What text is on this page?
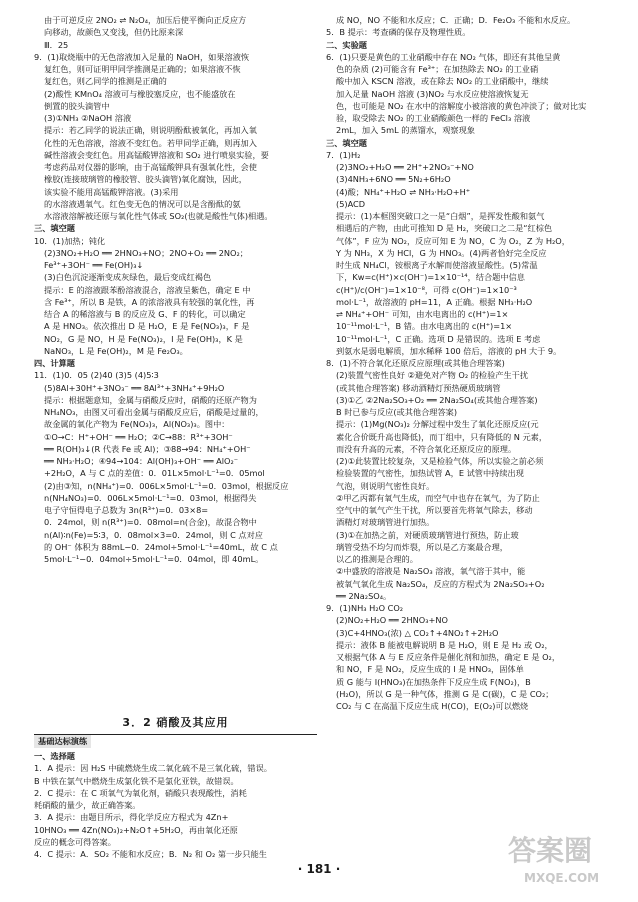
由于可逆反应 2NO₂ ⇌ N₂O₄，加压后使平衡向正反应方

向移动，故颜色又变浅，但仍比原来深

Ⅲ．25

9．(1)取烧瓶中的无色溶液加入足量的 NaOH，如果溶液恢

复红色，则可证明甲同学推测是正确的；如果溶液不恢

复红色，则乙同学的推测是正确的

(2)酸性 KMnO₄ 溶液可与橡胶塞反应，也不能盛放在

倒置的胶头滴管中

(3)①NH₃ ②NaOH 溶液

提示：若乙同学的说法正确，则说明酚酞被氧化，再加入氧

化性的无色溶液，溶液不变红色。若甲同学正确，则再加入

碱性溶液会变红色。用高锰酸钾溶液和 SO₂ 进行喷泉实验，要

考虑药品对仪器的影响，由于高锰酸钾具有强氧化性，会使

橡胶(连接玻璃管的橡胶管、胶头滴管)氧化腐蚀，因此，

该实验不能用高锰酸钾溶液。(3)采用

的水溶液遇氧气。红色变无色的情况可以是含酚酞的氨

水溶液溶解被还原与氧化性气体或 SO₂(也就是酸性气体)相遇。

三、填空题

10．(1)加热；钝化

(2)3NO₂+H₂O ══ 2HNO₃+NO；2NO+O₂ ══ 2NO₂；

Fe³⁺+3OH⁻ ══ Fe(OH)₃↓

(3)白色沉淀逐渐变成灰绿色，最后变成红褐色

提示：E 的溶液跟苯酚溶液混合，溶液呈紫色，确定 E 中

含 Fe³⁺，所以 B 是铁，A 的浓溶液具有较强的氧化性，再

结合 A 的稀溶液与 B 的反应及 G、F 的转化，可以确定

A 是 HNO₃。依次推出 D 是 H₂O，E 是 Fe(NO₃)₃，F 是

NO₂，G 是 NO，H 是 Fe(NO₃)₂，I 是 Fe(OH)₃，K 是

NaNO₃，L 是 Fe(OH)₂，M 是 Fe₂O₃。

四、计算题

11．(1)0．05 (2)40 (3)5 (4)5∶3

(5)8Al+30H⁺+3NO₃⁻ ══ 8Al³⁺+3NH₄⁺+9H₂O

提示：根据题意知，金属与硝酸反应时，硝酸的还原产物为

NH₄NO₃，由图又可看出金属与硝酸反应后，硝酸是过量的，

故金属的氧化产物为 Fe(NO₃)₃，Al(NO₃)₃。图中：

①O→C：H⁺+OH⁻ ══ H₂O；②C→88：R³⁺+3OH⁻

══ R(OH)₃↓(R 代表 Fe 或 Al)；③88→94：NH₄⁺+OH⁻

══ NH₃·H₂O；④94→104：Al(OH)₃+OH⁻ ══ AlO₂⁻

+2H₂O，A 与 C 点的差值：0．01L×5mol·L⁻¹=0．05mol

(2)由③知，n(NH₄⁺)=0．006L×5mol·L⁻¹=0．03mol，根据反应

n(NH₄NO₃)=0．006L×5mol·L⁻¹=0．03mol，根据得失

电子守恒得电子总数为 3n(R³⁺)=0．03×8=

0．24mol，则 n(R³⁺)=0．08mol=n(合金)，故混合物中

n(Al)∶n(Fe)=5∶3，0．08mol×3=0．24mol，则 C 点对应

的 OH⁻ 体积为 88mL−0．24mol÷5mol·L⁻¹=40mL，故 C 点

5mol·L⁻¹−0．04mol÷5mol·L⁻¹=0．04mol，即 40mL。

3．2 硝酸及其应用
基础达标演练

一、选择题

1．A 提示：因 H₂S 中硫燃烧生成二氧化硫不是三氧化硫，错误。

B 中铁在氯气中燃烧生成氯化铁不是氯化亚铁，故错误。

2．C 提示：在 C 项氧气为氧化剂，硝酸只表现酸性，消耗

耗硝酸的量少，故正确答案。

3．A 提示：由题目所示，得化学反应方程式为 4Zn+

10HNO₃ ══ 4Zn(NO₃)₂+N₂O↑+5H₂O，再由氧化还原

反应的概念可得答案。

4．C 提示：A．SO₂ 不能和水反应；B．N₂ 和 O₂ 第一步只能生

成 NO，NO 不能和水反应；C．正确；D．Fe₂O₃ 不能和水反应。

5．B 提示：考查磷的保存及物理性质。

二、实验题

6．(1)只要是黄色的工业硝酸中存在 NO₂ 气体，即还有其他呈黄

色的杂质 (2)可能含有 Fe³⁺；在加热除去 NO₂ 的工业硝

酸中加入 KSCN 溶液，或在除去 NO₂ 的工业硝酸中，继续

加入足量 NaOH 溶液 (3)NO₂ 与水反应使溶液恢复无

色，也可能是 NO₂ 在水中的溶解度小被溶液的黄色冲淡了；做对比实

验，取受除去 NO₂ 的工业硝酸颜色一样的 FeCl₃ 溶液

2mL，加入 5mL 的蒸馏水，观察现象

三、填空题

7．(1)H₂

(2)3NO₂+H₂O ══ 2H⁺+2NO₃⁻+NO

(3)4NH₃+6NO ══ 5N₂+6H₂O

(4)酸；NH₄⁺+H₂O ⇌ NH₃·H₂O+H⁺

(5)ACD

提示：(1)本框图突破口之一是“白烟”，是挥发性酸和氨气

相遇后的产物，由此可推知 D 是 H₂，突破口之二是“红棕色

气体”，F 应为 NO₂，反应可知 E 为 NO，C 为 O₂，Z 为 H₂O，

Y 为 NH₃，X 为 HCl，G 为 HNO₃。(4)两者恰好完全反应

时生成 NH₄Cl，铵根离子水解而使溶液显酸性。(5)常温

下，Kw=c(H⁺)×c(OH⁻)=1×10⁻¹⁴，结合题中信息

c(H⁺)/c(OH⁻)=1×10⁻⁸，可得 c(OH⁻)=1×10⁻³

mol·L⁻¹，故溶液的 pH=11，A 正确。根据 NH₃·H₂O

⇌ NH₄⁺+OH⁻ 可知，由水电离出的 c(H⁺)=1×

10⁻¹¹mol·L⁻¹，B 错。由水电离出的 c(H⁺)=1×

10⁻¹¹mol·L⁻¹，C 正确。选项 D 是错误的。选项 E 考虑

到氨水是弱电解质，加水稀释 100 倍后，溶液的 pH 大于 9。

8．(1)不符合氧化还原反应原理(或其他合理答案)

(2)装置气密性良好 ②避免对产物 O₂ 的检验产生干扰

(或其他合理答案) 移动酒精灯预热硬质玻璃管

(3)①乙 ②2Na₂SO₃+O₂ ══ 2Na₂SO₄(或其他合理答案)

B 时已参与反应(或其他合理答案)

提示：(1)Mg(NO₃)₂ 分解过程中发生了氧化还原反应(元

素化合价既升高也降低)，而丁组中，只有降低的 N 元素，

而没有升高的元素，不符合氧化还原反应的原理。

(2)①此装置比较复杂，又是检验气体，所以实验之前必须

检验装置的气密性，加热试管 A，E 试管中持续出现

气泡，则说明气密性良好。

②甲乙丙都有氧气生成，而空气中也存在氧气，为了防止

空气中的氧气产生干扰，所以要首先将氧气除去，移动

酒精灯对玻璃管进行加热。

(3)①在加热之前，对硬质玻璃管进行预热，防止玻

璃管受热不均匀而炸裂，所以是乙方案最合理，

以乙的推测是合理的。

②中盛放的溶液是 Na₂SO₃ 溶液，氧气溶于其中，能

被氧气氧化生成 Na₂SO₄，反应的方程式为 2Na₂SO₃+O₂

══ 2Na₂SO₄。

9．(1)NH₃ H₂O CO₂

(2)NO₂+H₂O ══ 2HNO₃+NO

(3)C+4HNO₃(浓) △ CO₂↑+4NO₂↑+2H₂O

提示：液体 B 能被电解说明 B 是 H₂O，则 E 是 H₂ 或 O₂，

又根据气体 A 与 E 反应条件是催化剂和加热，确定 E 是 O₂，

和 NO，F 是 NO₂，反应生成的 I 是 HNO₃，固体单

质 G 能与 I(HNO₃)在加热条件下反应生成 F(NO₂)，B

(H₂O)，所以 G 是一种气体，推测 G 是 C(碳)，C 是 CO₂；

CO₂ 与 C 在高温下反应生成 H(CO)，E(O₂)可以燃烧

· 181 ·
答案圈
MXQE.COM
